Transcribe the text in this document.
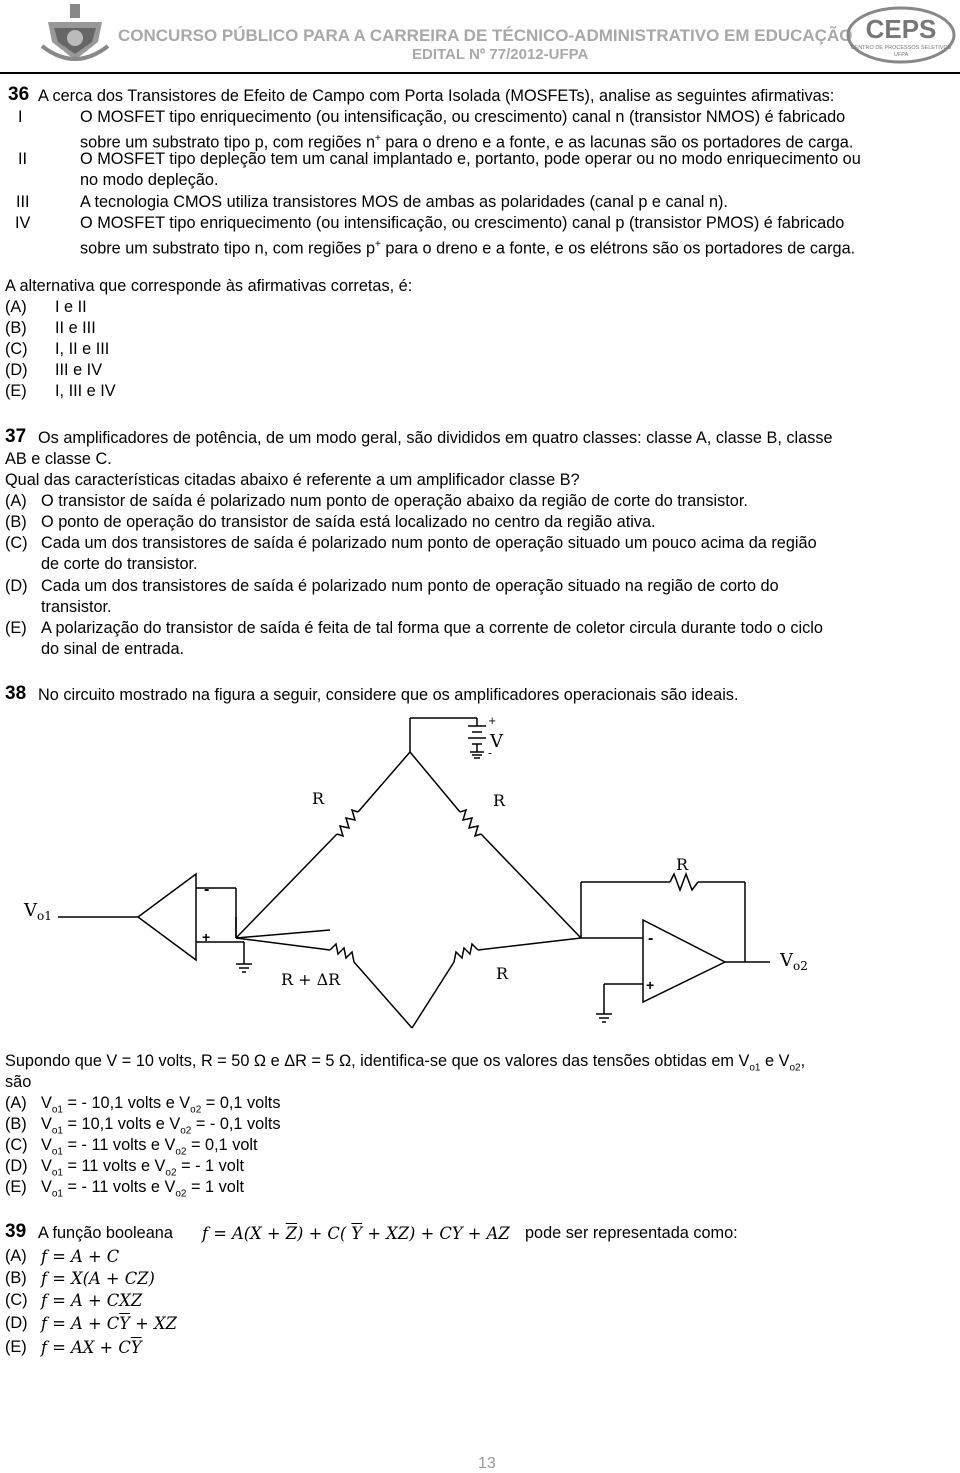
CONCURSO PÚBLICO PARA A CARREIRA DE TÉCNICO-ADMINISTRATIVO EM EDUCAÇÃO
EDITAL Nº 77/2012-UFPA
CEPS
CENTRO DE PROCESSOS SELETIVOS
UFPA
36 A cerca dos Transistores de Efeito de Campo com Porta Isolada (MOSFETs), analise as seguintes afirmativas:
I	O MOSFET tipo enriquecimento (ou intensificação, ou crescimento) canal n (transistor NMOS) é fabricado
sobre um substrato tipo p, com regiões n+ para o dreno e a fonte, e as lacunas são os portadores de carga.
II	O MOSFET tipo depleção tem um canal implantado e, portanto, pode operar ou no modo enriquecimento ou
no modo depleção.
III	A tecnologia CMOS utiliza transistores MOS de ambas as polaridades (canal p e canal n).
IV	O MOSFET tipo enriquecimento (ou intensificação, ou crescimento) canal p (transistor PMOS) é fabricado
sobre um substrato tipo n, com regiões p+ para o dreno e a fonte, e os elétrons são os portadores de carga.
A alternativa que corresponde às afirmativas corretas, é:
(A) I e II
(B) II e III
(C) I, II e III
(D) III e IV
(E) I, III e IV
37 Os amplificadores de potência, de um modo geral, são divididos em quatro classes: classe A, classe B, classe
AB e classe C.
Qual das características citadas abaixo é referente a um amplificador classe B?
(A) O transistor de saída é polarizado num ponto de operação abaixo da região de corte do transistor.
(B) O ponto de operação do transistor de saída está localizado no centro da região ativa.
(C) Cada um dos transistores de saída é polarizado num ponto de operação situado um pouco acima da região
de corte do transistor.
(D) Cada um dos transistores de saída é polarizado num ponto de operação situado na região de corto do
transistor.
(E) A polarização do transistor de saída é feita de tal forma que a corrente de coletor circula durante todo o ciclo
do sinal de entrada.
38 No circuito mostrado na figura a seguir, considere que os amplificadores operacionais são ideais.
+
V
-
R	R
R
R + ΔR	R
$V_{o1}$
$V_{o2}$
-
+	-
+
Supondo que V = 10 volts, R = 50 Ω e ΔR = 5 Ω, identifica-se que os valores das tensões obtidas em $V_{o1}$ e $V_{o2}$,
são
(A) $V_{o1}$ = - 10,1 volts e $V_{o2} = 0,1$ volts
(B) $V_{o1} = 10,1$ volts e $V_{o2}$ = - 0,1 volts
(C) $V_{o1}$ = - 11 volts e $V_{o2} = 0,1$ volt
(D) $V_{o1} = 11$ volts e $V_{o2}$ = - 1 volt
(E) $V_{o1}$ = - 11 volts e $V_{o2} = 1$ volt
39 A função booleana $f = A(X + \overline{Z}) + C$( $\overline{Y} + XZ$) + CY + AZ pode ser representada como:
(A) f = A + C
(B) f = X(A + CZ)
(C) f = A + CXZ
(D) $f = A + C\overline{Y}$ + XZ
(E) f = AX + $C\overline{Y}$
13
